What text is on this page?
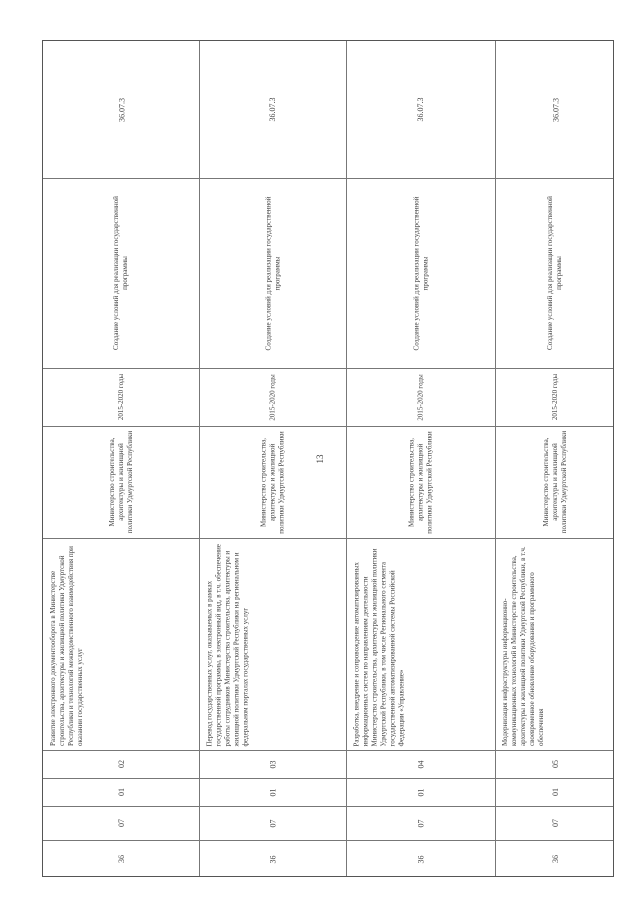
13
36
07
01
02
Развитие электронного документооборота в Министерстве строительства, архитектуры и жилищной политики Удмуртской Республики и технологий межведомственного взаимодействия при оказании государственных услуг
Министерство строительства, архитектуры и жилищной политики Удмуртской Республики
2015-2020 годы
Создание условий для реализации государственной программы
36.07.3
36
07
01
03
Перевод государственных услуг, оказываемых в рамках государственной программы, в электронный вид, в т.ч. обеспечение работы сотрудников Министерства строительства, архитектуры и жилищной политики Удмуртской Республики на региональном и федеральном порталах государственных услуг
Министерство строительства, архитектуры и жилищной политики Удмуртской Республики
2015-2020 годы
Создание условий для реализации государственной программы
36.07.3
36
07
01
04
Разработка, внедрение и сопровождение автоматизированных информационных систем по направлениям деятельности Министерства строительства, архитектуры и жилищной политики Удмуртской Республики, в том числе Регионального сегмента государственной автоматизированной системы Российской Федерации «Управление»
Министерство строительства, архитектуры и жилищной политики Удмуртской Республики
2015-2020 годы
Создание условий для реализации государственной программы
36.07.3
36
07
01
05
Модернизация инфраструктуры информационно-коммуникационных технологий в Министерстве строительства, архитектуры и жилищной политики Удмуртской Республики, в т.ч. своевременное обновление оборудования и программного обеспечения
Министерство строительства, архитектуры и жилищной политики Удмуртской Республики
2015-2020 годы
Создание условий для реализации государственной программы
36.07.3
